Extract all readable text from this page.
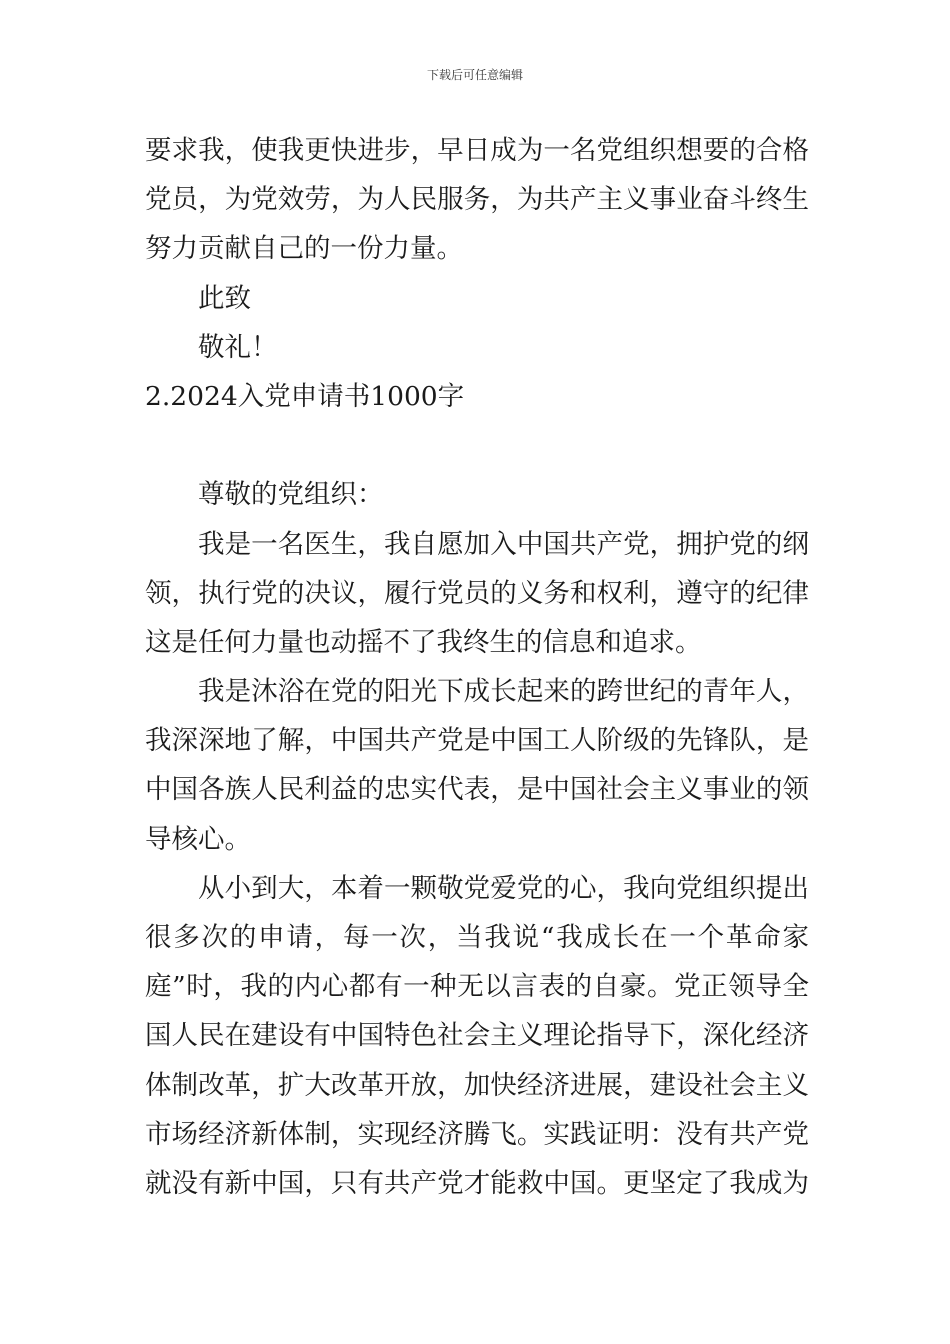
下载后可任意编辑
要求我，使我更快进步，早日成为一名党组织想要的合格
党员，为党效劳，为人民服务，为共产主义事业奋斗终生
努力贡献自己的一份力量。
此致
敬礼！
2.2024入党申请书1000字
尊敬的党组织：
我是一名医生，我自愿加入中国共产党，拥护党的纲
领，执行党的决议，履行党员的义务和权利，遵守的纪律
这是任何力量也动摇不了我终生的信息和追求。
我是沐浴在党的阳光下成长起来的跨世纪的青年人，
我深深地了解，中国共产党是中国工人阶级的先锋队，是
中国各族人民利益的忠实代表，是中国社会主义事业的领
导核心。
从小到大，本着一颗敬党爱党的心，我向党组织提出
很多次的申请，每一次，当我说“我成长在一个革命家
庭”时，我的内心都有一种无以言表的自豪。党正领导全
国人民在建设有中国特色社会主义理论指导下，深化经济
体制改革，扩大改革开放，加快经济进展，建设社会主义
市场经济新体制，实现经济腾飞。实践证明：没有共产党
就没有新中国，只有共产党才能救中国。更坚定了我成为
